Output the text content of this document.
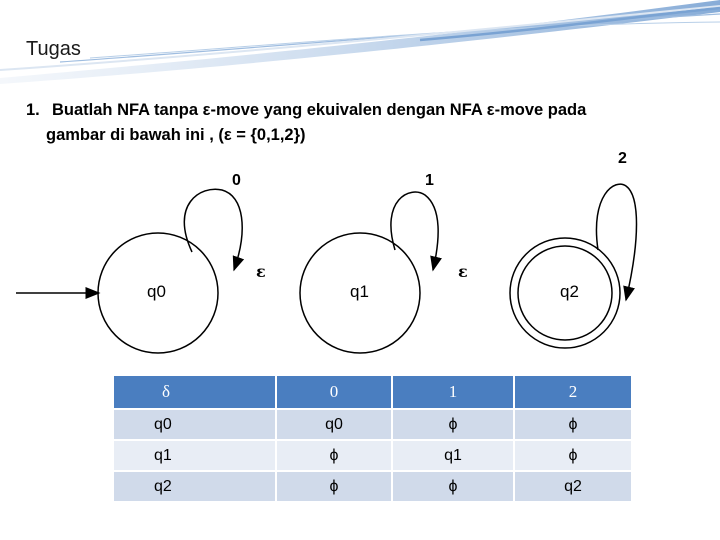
Tugas
1. Buatlah NFA tanpa ε-move yang ekuivalen dengan NFA ε-move pada
gambar di bawah ini , (ε = {0,1,2})
0	1
2
ε	ε
q0	q1	q2
δ	0	1	2
q0	q0	ϕ	ϕ
q1	ϕ	q1	ϕ
q2	ϕ	ϕ	q2
